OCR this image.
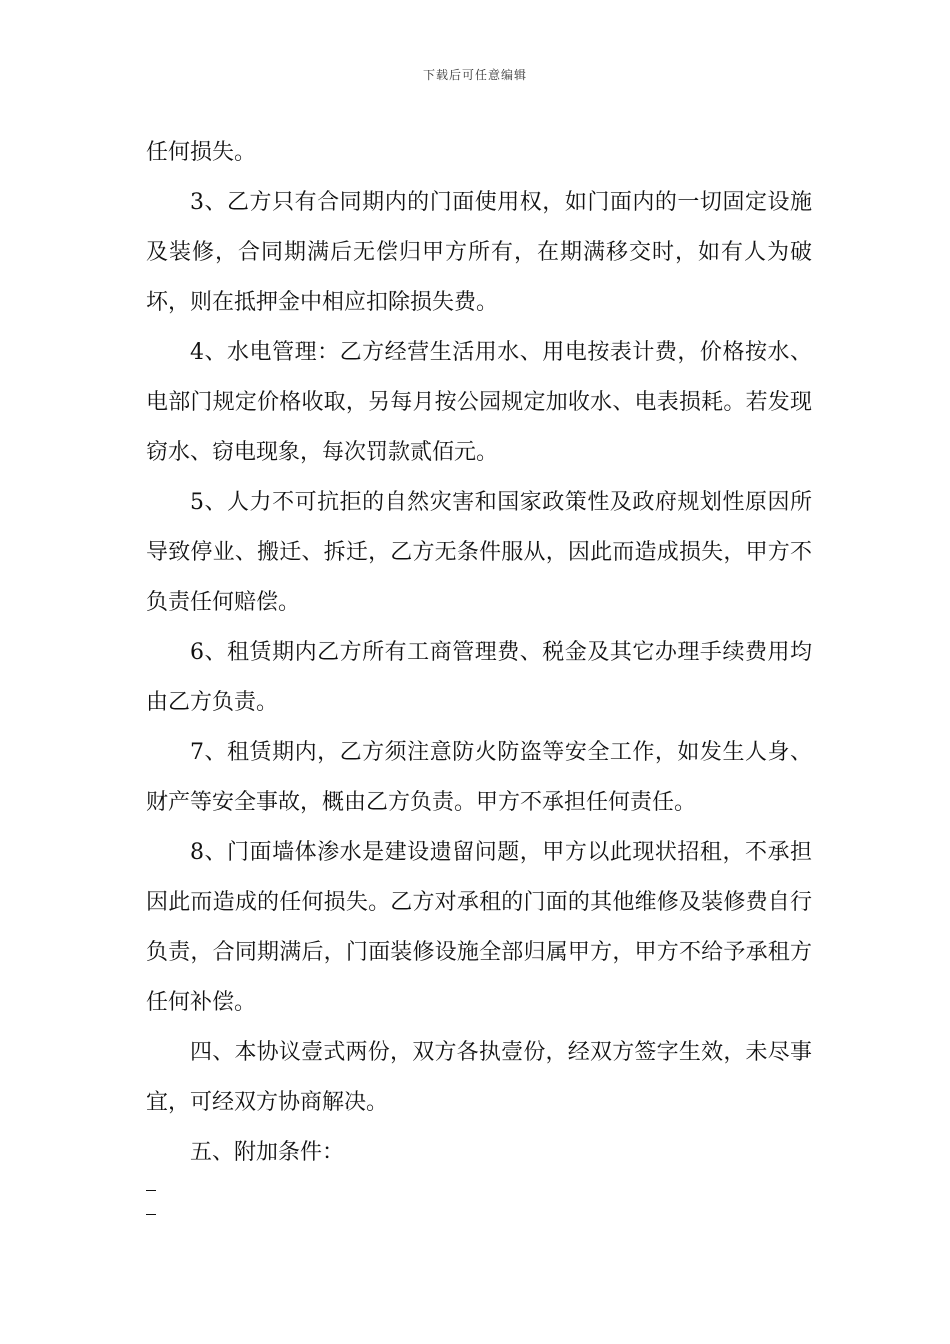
下载后可任意编辑

任何损失。

3、乙方只有合同期内的门面使用权，如门面内的一切固定设施及装修，合同期满后无偿归甲方所有，在期满移交时，如有人为破坏，则在抵押金中相应扣除损失费。

4、水电管理：乙方经营生活用水、用电按表计费，价格按水、电部门规定价格收取，另每月按公园规定加收水、电表损耗。若发现窃水、窃电现象，每次罚款贰佰元。

5、人力不可抗拒的自然灾害和国家政策性及政府规划性原因所导致停业、搬迁、拆迁，乙方无条件服从，因此而造成损失，甲方不负责任何赔偿。

6、租赁期内乙方所有工商管理费、税金及其它办理手续费用均由乙方负责。

7、租赁期内，乙方须注意防火防盗等安全工作，如发生人身、财产等安全事故，概由乙方负责。甲方不承担任何责任。

8、门面墙体渗水是建设遗留问题，甲方以此现状招租，不承担因此而造成的任何损失。乙方对承租的门面的其他维修及装修费自行负责，合同期满后，门面装修设施全部归属甲方，甲方不给予承租方任何补偿。

四、本协议壹式两份，双方各执壹份，经双方签字生效，未尽事宜，可经双方协商解决。

五、附加条件：
